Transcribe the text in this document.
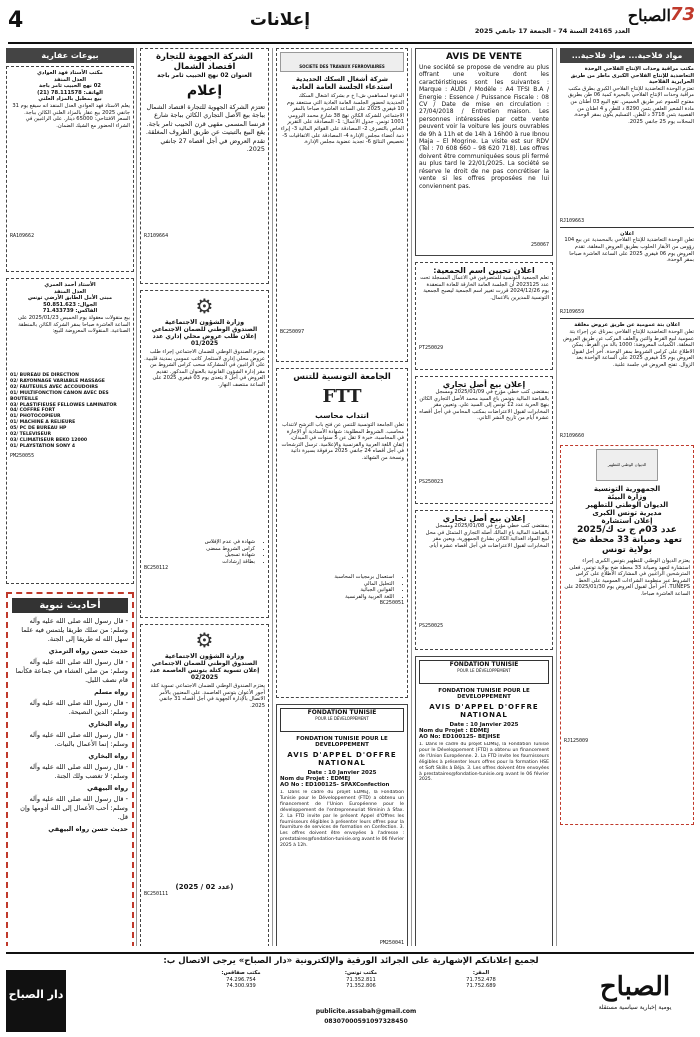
4	إعلانات
العدد 24165 السنة 74 - الجمعة 17 جانفي 2025
73
الصباح
مواد فلاحية... مواد فلاحية...
مكتب مراقبة وحدات الإنتاج الفلاحي الوحدة التعاضدية للإنتاج الفلاحي الكبرى ماطر من طريق الحرايرية الفلاحية
تعتزم الوحدة التعاضدية للإنتاج الفلاحي الكبرى بطرق مكتب مراقبة وحدات الإنتاج الفلاحي بالبحيرة كمية 06 طن بطريق مفتوح للعموم عبر طريق الخميس. تقع البيع 03 أطنان من مادة الشعير العلفي بثمن 8290 د للطن و 4 اطنان من القصيبة بثمن 3718 د للطن. التسليم يكون بمقر الوحدة. المحلات يوم 25 جانفي 2025.
RJ109663
اعلان
تعلن الوحدة التعاضدية للإنتاج الفلاحي بالمحمدية عن بيع 104 رؤوس من الأبقار الحلوب بطريق العروض المغلقة. تقدم العروض يوم 06 فيفري 2025 على الساعة العاشرة صباحا بمقر الوحدة.
RJ109659
اعلان بتة عمومية عن طريق عروض مغلقة
تعلن الوحدة التعاضدية للإنتاج الفلاحي بمرناق عن إجراء بتة عمومية لبيع القرط والتبن والعلف المركب عن طريق العروض المغلقة. الكميات المعروضة: 1000 بالة من القرط. يمكن الاطلاع على كراس الشروط بمقر الوحدة. آخر أجل لقبول العروض يوم 15 فيفري 2025 على الساعة الواحدة بعد الزوال. تفتح العروض في جلسة علنية.
RJ109660
الديوان الوطني للتطهير
الجمهورية التونسية
وزارة البيئة
الديوان الوطني للتطهير
مديرية تونس الكبرى
إعلان استشارة
عدد 03م ج ت ك/2025
تعهد وصيانة 33 محطة ضخ
بولاية تونس
يعتزم الديوان الوطني للتطهير بتونس الكبرى إجراء استشارة لتعهد وصيانة 33 محطة ضخ بولاية تونس. فعلى المترشحين الراغبين في المشاركة الاطلاع على كراس الشروط عبر منظومة الشراءات العمومية على الخط TUNEPS. آخر أجل لقبول العروض يوم 2025/01/30 على الساعة العاشرة صباحا.
RJ125009
AVIS DE VENTE
Une société se propose de vendre au plus offrant une voiture dont les caractéristiques sont les suivantes : Marque : AUDI / Modèle : A4 TFSI B.A / Energie : Essence / Puissance Fiscale : 08 CV / Date de mise en circulation : 27/04/2018 / Entretien maison. Les personnes intéressées par cette vente peuvent voir la voiture les jours ouvrables de 9h à 11h et de 14h à 16h00 à rue Ibnou Maja – El Mogrine. La visite est sur RDV (Tel : 70 608 660 – 98 620 718). Les offres doivent être communiquées sous pli fermé au plus tard le 22/01/2025. La société se réserve le droit de ne pas concrétiser la vente si les offres proposées ne lui conviennent pas.
250067
اعلان تحيين اسم الجمعية:
تعلم الجمعية التونسية للمتصرفين في الأعمال المسجلة تحت عدد 2023125 أن الجلسة العامة الخارقة للعادة المنعقدة يوم 2024/12/26 قررت تغيير اسم الجمعية ليصبح الجمعية التونسية للمديرين بالاعمال.
PT250029
إعلان بيع أصل تجاري
بمقتضى كتب خطي مؤرخ في 2025/01/09 ومسجل بالقباضة المالية بتونس باع السيد محمد الأصل التجاري الكائن بنهج الحرية عدد 12 تونس إلى السيد علي. وتعيين مقر المخابرات لقبول الاعتراضات بمكتب المحامي في أجل أقصاه عشرة أيام من تاريخ النشر الثاني.
PS250023
إعلان بيع أصل تجاري
بمقتضى كتب خطي مؤرخ في 2025/01/08 ومسجل بالقباضة المالية باع المالك أصله التجاري المتمثل في محل لبيع المواد الغذائية الكائن بشارع الجمهورية. ويعين مقر المخابرات لقبول الاعتراضات في أجل أقصاه عشرة أيام.
PS250025
FONDATION TUNISIE
POUR LE DÉVELOPPEMENT
FONDATION TUNISIE POUR LE DEVELOPPEMENT
AVIS D'APPEL D'OFFRE NATIONAL
Date : 10 Janvier 2025
Nom du Projet : EDMEJ
AO No: ED100125- BEJHSE
1. Dans le cadre du projet EDMEJ, la Fondation Tunisie pour le Développement (FTD) a obtenu un financement de l'Union Européenne. 2. La FTD invite les fournisseurs éligibles à présenter leurs offres pour la formation HSE et Soft Skills à Béja. 3. Les offres doivent être envoyées à prestataires@fondation-tunisie.org avant le 06 février 2025.
SOCIETE DES TRAVAUX FERROVIAIRES
شركة أشغال السكك الحديدية
استدعاء الجلسة العامة العادية
الدعوة لمساهمي ش.أ خ م بشركة أشغال السكك الحديدية لحضور الجلسة العامة العادية التي ستنعقد يوم 10 فيفري 2025 على الساعة العاشرة صباحا بالمقر الاجتماعي للشركة الكائن نهج 38 شارع محمد البرومي 1001 تونس. جدول الأعمال: 1- المصادقة على التقرير الخاص بالتصرف 2- المصادقة على القوائم المالية 3- إبراء ذمة أعضاء مجلس الإدارة 4- المصادقة على الاتفاقيات 5- تخصيص النتائج 6- تجديد عضوية مجلس الإدارة.
BC250097
الجامعة التونسية للتنس
FTT
انتداب محاسب
تعلن الجامعة التونسية للتنس عن فتح باب الترشح لانتداب محاسب. الشروط المطلوبة: شهادة الأستاذية أو الإجازة في المحاسبة، خبرة لا تقل عن 5 سنوات في الميدان، إتقان اللغة العربية والفرنسية والإعلامية. ترسل الترشحات في أجل أقصاه 24 جانفي 2025 مرفوقة بسيرة ذاتية ونسخة من الشهائد.
• استعمال برمجيات المحاسبة
• التحليل المالي
• القوانين الجبائية
• اللغة العربية والفرنسية
BC250051
FONDATION TUNISIE
POUR LE DÉVELOPPEMENT
FONDATION TUNISIE POUR LE DEVELOPPEMENT
AVIS D'APPEL D'OFFRE NATIONAL
Date : 10 Janvier 2025
Nom du Projet : EDMEJ
AO No : ED100125- SFAXConfection
1. Dans le cadre du projet EDMEJ, la Fondation Tunisie pour le Développement (FTD) a obtenu un financement de l'Union Européenne pour le développement de l'entrepreneuriat féminin à Sfax. 2. La FTD invite par le présent Appel d'Offres les fournisseurs éligibles à présenter leurs offres pour la fourniture de services de formation en Confection. 3. Les offres doivent être envoyées à l'adresse : prestataires@fondation-tunisie.org avant le 06 février 2025 à 12h.
PM250041
الشركة الجهوية للتجارة
اقتصاد الشمال
العنوان 02 نهج الحبيب ثامر باجة
إعلام
تعتزم الشركة الجهوية للتجارة اقتصاد الشمال بباجة بيع الأصل التجاري الكائن بباجة شارع فرنسا المسمى مقهى قرن الحبيب ثامر باجة. يقع البيع بالتبتيت عن طريق الظروف المغلقة. تقدم العروض في أجل أقصاه 27 جانفي 2025.
RJ109664
⚙
وزارة الشؤون الاجتماعية
الصندوق الوطني للضمان الاجتماعي
إعلان طلب عروض محلي إداري عدد 01/2025
يعتزم الصندوق الوطني للضمان الاجتماعي إجراء طلب عروض محلي إداري لاستئجار كاتب عمومي بمدينة قليبية. على الراغبين في المشاركة سحب كراس الشروط من مقر إدارة الشؤون القانونية بالعنوان المذكور. تقديم العروض في أجل لا يتعدى يوم 03 فيفري 2025 على الساعة منتصف النهار.
• شهادة في عدم الإفلاس
• كراس الشروط ممضى
• شهادة تسجيل
• بطاقة إرشادات
BC250112
⚙
وزارة الشؤون الاجتماعية
الصندوق الوطني للضمان الاجتماعي
إعلان تسوية كتلة بتونس العاصمة عدد 02/2025
يعتزم الصندوق الوطني للضمان الاجتماعي تسوية كتلة أجور الأعوان بتونس العاصمة. على المعنيين بالأمر الاتصال بالإدارة الجهوية في أجل أقصاه 31 جانفي 2025.
(عدد 02 / 2025)
BC250111
بيوعات عقارية
مكتب الأستاذ فهد العوادي
العدل المنفذ
02 نهج الحبيب ثامر باجة
الهاتف: 78.111578 (21)
بيع بمطبل بالمزاد العلني
يعلم الأستاذ فهد العوادي العدل المنفذ أنه سيقع يوم 31 جانفي 2025 بيع عقار بالمزاد العلني الكائن بباجة. السعر الافتتاحي: 65000 دينار. على الراغبين في الشراء الحضور مع الشيك الضمان.
RA109662
الأستاذ أحمد العمري
العدل المنفذ
مبنى الأمل الطابق الأرضي تونس
الجوال: 50.851.623
الفاكس: 71.433739
بيع منقولات معقولة يوم الخميس 2025/01/23 على الساعة العاشرة صباحا بمقر الشركة الكائن بالمنطقة الصناعية. المنقولات المعروضة للبيع:
01/ BUREAU DE DIRECTION
02/ RAYONNAGE VARIABLE MASSAGE
02/ FAUTEUILS AVEC ACCOUDOIRS
01/ MULTIFONCTION CANON AVEC DES BOUTEILLE
03/ PLASTIFIEUSE FELLOWES LAMINATOR
04/ COFFRE FORT
01/ PHOTOCOPIEUR
01/ MACHINE A RELIEURE
05/ PC DE BUREAU HP
02/ TELEVISEUR
03/ CLIMATISEUR BEKO 12000
01/ PLAYSTATION SONY 4
PM250055
أحاديث نبوية

- قال رسول الله صلى الله عليه وآله وسلم: من سلك طريقا يلتمس فيه علما سهل الله له طريقا إلى الجنة.

حديث حسن رواه الترمذي

- قال رسول الله صلى الله عليه وآله وسلم: من صلى العشاء في جماعة فكأنما قام نصف الليل.

رواه مسلم

- قال رسول الله صلى الله عليه وآله وسلم: الدين النصيحة.

رواه البخاري

- قال رسول الله صلى الله عليه وآله وسلم: إنما الأعمال بالنيات.

رواه البخاري

- قال رسول الله صلى الله عليه وآله وسلم: لا تغضب ولك الجنة.

رواه البيهقي

- قال رسول الله صلى الله عليه وآله وسلم: أحب الأعمال إلى الله أدومها وإن قل.

حديث حسن رواه البيهقي

لجميع إعلاناتكم الإشهارية على الجرائد الورقية والإلكترونية «دار الصباح» يرجى الاتصال ب:
مكتب صفاقس:
74.296.754
74.300.939
مكتب تونس:
71.352.811
71.352.806
المقر:
71.752.478
71.752.689
publicite.assabah@gmail.com
08307000591097328450
الصباح
يومية إخبارية سياسية مستقلة
دار الصباح
